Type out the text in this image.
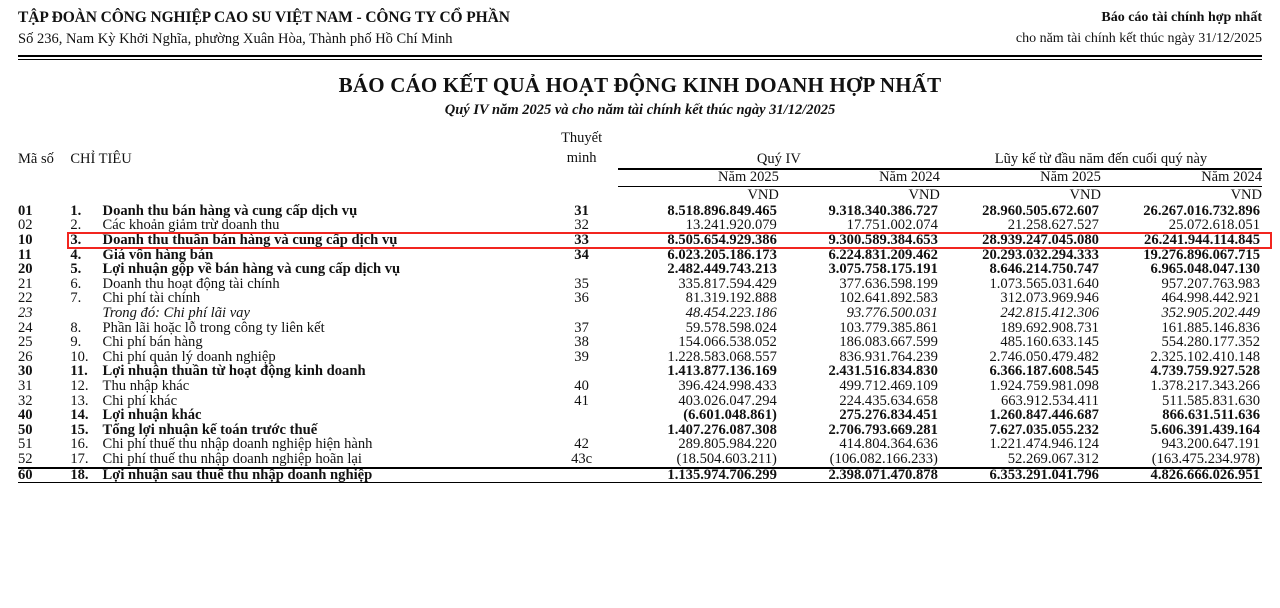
TẬP ĐOÀN CÔNG NGHIỆP CAO SU VIỆT NAM - CÔNG TY CỔ PHẦN
Số 236, Nam Kỳ Khởi Nghĩa, phường Xuân Hòa, Thành phố Hồ Chí Minh
Báo cáo tài chính hợp nhất
cho năm tài chính kết thúc ngày 31/12/2025
BÁO CÁO KẾT QUẢ HOẠT ĐỘNG KINH DOANH HỢP NHẤT
Quý IV năm 2025 và cho năm tài chính kết thúc ngày 31/12/2025
Mã số	CHỈ TIÊU		Thuyết
minh	Quý IV		Lũy kế từ đầu năm đến cuối quý này	
				Năm 2025	Năm 2024	Năm 2025	Năm 2024
				VND	VND	VND	VND
01	1.	Doanh thu bán hàng và cung cấp dịch vụ	31	8.518.896.849.465	9.318.340.386.727	28.960.505.672.607	26.267.016.732.896
02	2.	Các khoản giảm trừ doanh thu	32	13.241.920.079	17.751.002.074	21.258.627.527	25.072.618.051
10	3.	Doanh thu thuần bán hàng và cung cấp dịch vụ	33	8.505.654.929.386	9.300.589.384.653	28.939.247.045.080	26.241.944.114.845
11	4.	Giá vốn hàng bán	34	6.023.205.186.173	6.224.831.209.462	20.293.032.294.333	19.276.896.067.715
20	5.	Lợi nhuận gộp về bán hàng và cung cấp dịch vụ		2.482.449.743.213	3.075.758.175.191	8.646.214.750.747	6.965.048.047.130
21	6.	Doanh thu hoạt động tài chính	35	335.817.594.429	377.636.598.199	1.073.565.031.640	957.207.763.983
22	7.	Chi phí tài chính	36	81.319.192.888	102.641.892.583	312.073.969.946	464.998.442.921
23		Trong đó: Chi phí lãi vay		48.454.223.186	93.776.500.031	242.815.412.306	352.905.202.449
24	8.	Phần lãi hoặc lỗ trong công ty liên kết	37	59.578.598.024	103.779.385.861	189.692.908.731	161.885.146.836
25	9.	Chi phí bán hàng	38	154.066.538.052	186.083.667.599	485.160.633.145	554.280.177.352
26	10.	Chi phí quản lý doanh nghiệp	39	1.228.583.068.557	836.931.764.239	2.746.050.479.482	2.325.102.410.148
30	11.	Lợi nhuận thuần từ hoạt động kinh doanh		1.413.877.136.169	2.431.516.834.830	6.366.187.608.545	4.739.759.927.528
31	12.	Thu nhập khác	40	396.424.998.433	499.712.469.109	1.924.759.981.098	1.378.217.343.266
32	13.	Chi phí khác	41	403.026.047.294	224.435.634.658	663.912.534.411	511.585.831.630
40	14.	Lợi nhuận khác		(6.601.048.861)	275.276.834.451	1.260.847.446.687	866.631.511.636
50	15.	Tổng lợi nhuận kế toán trước thuế		1.407.276.087.308	2.706.793.669.281	7.627.035.055.232	5.606.391.439.164
51	16.	Chi phí thuế thu nhập doanh nghiệp hiện hành	42	289.805.984.220	414.804.364.636	1.221.474.946.124	943.200.647.191
52	17.	Chi phí thuế thu nhập doanh nghiệp hoãn lại	43c	(18.504.603.211)	(106.082.166.233)	52.269.067.312	(163.475.234.978)
60	18.	Lợi nhuận sau thuế thu nhập doanh nghiệp		1.135.974.706.299	2.398.071.470.878	6.353.291.041.796	4.826.666.026.951
